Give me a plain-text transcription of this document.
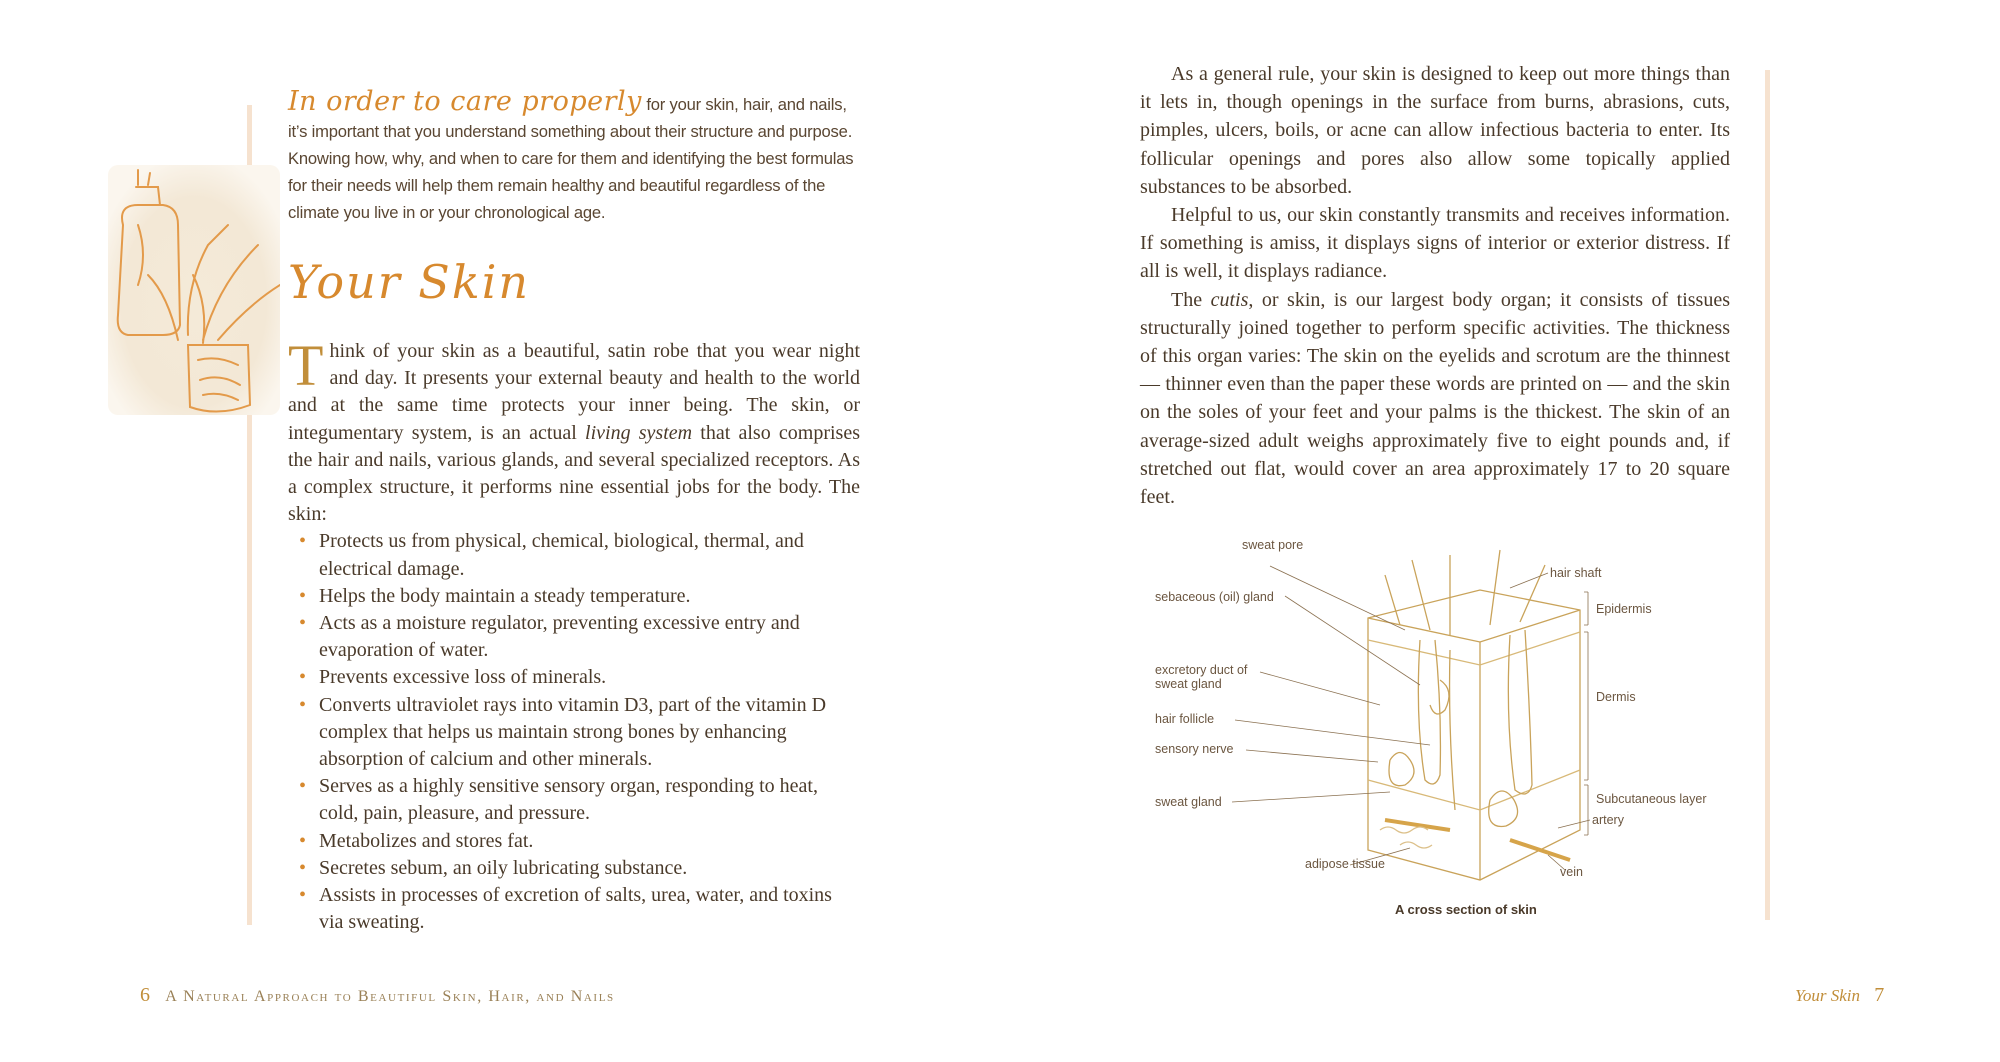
In order to care properly for your skin, hair, and nails, it’s important that you understand something about their structure and purpose. Knowing how, why, and when to care for them and identifying the best formulas for their needs will help them remain healthy and beautiful regardless of the climate you live in or your chronological age.
Your Skin

Think of your skin as a beautiful, satin robe that you wear night and day. It presents your external beauty and health to the world and at the same time protects your inner being. The skin, or integumentary system, is an actual living system that also comprises the hair and nails, various glands, and several specialized receptors. As a complex structure, it performs nine essential jobs for the body. The skin:

• Protects us from physical, chemical, biological, thermal, and electrical damage.
• Helps the body maintain a steady temperature.
• Acts as a moisture regulator, preventing excessive entry and evaporation of water.
• Prevents excessive loss of minerals.
• Converts ultraviolet rays into vitamin D3, part of the vitamin D complex that helps us maintain strong bones by enhancing absorption of calcium and other minerals.
• Serves as a highly sensitive sensory organ, responding to heat, cold, pain, pleasure, and pressure.
• Metabolizes and stores fat.
• Secretes sebum, an oily lubricating substance.
• Assists in processes of excretion of salts, urea, water, and toxins via sweating.

As a general rule, your skin is designed to keep out more things than it lets in, though openings in the surface from burns, abrasions, cuts, pimples, ulcers, boils, or acne can allow infectious bacteria to enter. Its follicular openings and pores also allow some topically applied substances to be absorbed.

Helpful to us, our skin constantly transmits and receives information. If something is amiss, it displays signs of interior or exterior distress. If all is well, it displays radiance.

The cutis, or skin, is our largest body organ; it consists of tissues structurally joined together to perform specific activities. The thickness of this organ varies: The skin on the eyelids and scrotum are the thinnest — thinner even than the paper these words are printed on — and the skin on the soles of your feet and your palms is the thickest. The skin of an average-sized adult weighs approximately five to eight pounds and, if stretched out flat, would cover an area approximately 17 to 20 square feet.

sweat pore
sebaceous (oil) gland
excretory duct of sweat gland
hair follicle
sensory nerve
sweat gland
adipose tissue
hair shaft
Epidermis
Dermis
Subcutaneous layer
artery
vein
A cross section of skin
6 A Natural Approach to Beautiful Skin, Hair, and Nails	Your Skin 7
